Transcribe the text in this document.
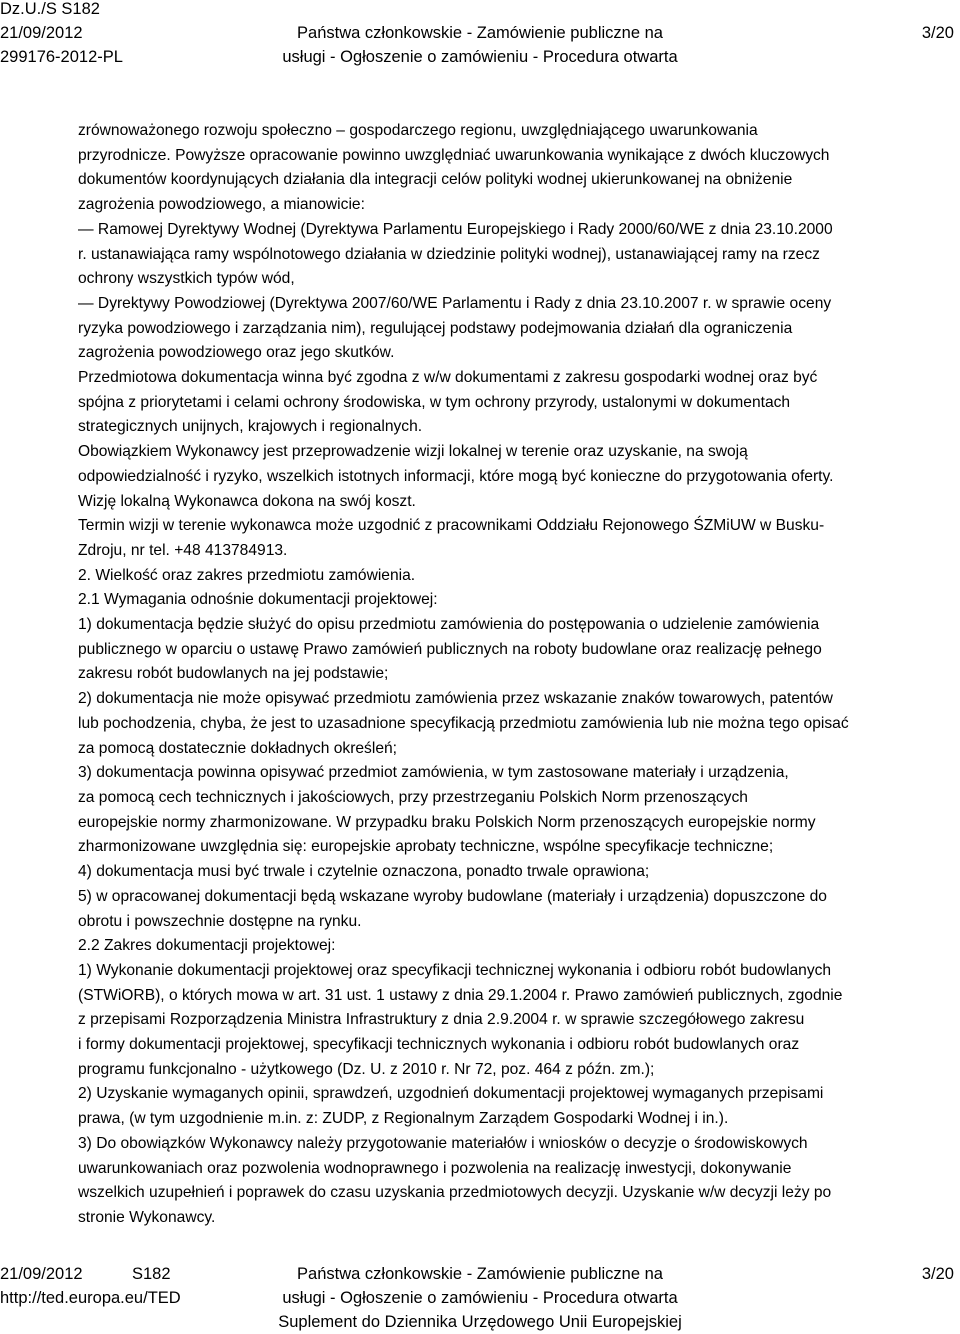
Dz.U./S S182
21/09/2012
299176-2012-PL
Państwa członkowskie - Zamówienie publiczne na
usługi - Ogłoszenie o zamówieniu - Procedura otwarta
3/20
zrównoważonego rozwoju społeczno – gospodarczego regionu, uwzględniającego uwarunkowania
przyrodnicze. Powyższe opracowanie powinno uwzględniać uwarunkowania wynikające z dwóch kluczowych
dokumentów koordynujących działania dla integracji celów polityki wodnej ukierunkowanej na obniżenie
zagrożenia powodziowego, a mianowicie:
— Ramowej Dyrektywy Wodnej (Dyrektywa Parlamentu Europejskiego i Rady 2000/60/WE z dnia 23.10.2000
r. ustanawiająca ramy wspólnotowego działania w dziedzinie polityki wodnej), ustanawiającej ramy na rzecz
ochrony wszystkich typów wód,
— Dyrektywy Powodziowej (Dyrektywa 2007/60/WE Parlamentu i Rady z dnia 23.10.2007 r. w sprawie oceny
ryzyka powodziowego i zarządzania nim), regulującej podstawy podejmowania działań dla ograniczenia
zagrożenia powodziowego oraz jego skutków.
Przedmiotowa dokumentacja winna być zgodna z w/w dokumentami z zakresu gospodarki wodnej oraz być
spójna z priorytetami i celami ochrony środowiska, w tym ochrony przyrody, ustalonymi w dokumentach
strategicznych unijnych, krajowych i regionalnych.
Obowiązkiem Wykonawcy jest przeprowadzenie wizji lokalnej w terenie oraz uzyskanie, na swoją
odpowiedzialność i ryzyko, wszelkich istotnych informacji, które mogą być konieczne do przygotowania oferty.
Wizję lokalną Wykonawca dokona na swój koszt.
Termin wizji w terenie wykonawca może uzgodnić z pracownikami Oddziału Rejonowego ŚZMiUW w Busku-
Zdroju, nr tel. +48 413784913.
2. Wielkość oraz zakres przedmiotu zamówienia.
2.1 Wymagania odnośnie dokumentacji projektowej:
1) dokumentacja będzie służyć do opisu przedmiotu zamówienia do postępowania o udzielenie zamówienia
publicznego w oparciu o ustawę Prawo zamówień publicznych na roboty budowlane oraz realizację pełnego
zakresu robót budowlanych na jej podstawie;
2) dokumentacja nie może opisywać przedmiotu zamówienia przez wskazanie znaków towarowych, patentów
lub pochodzenia, chyba, że jest to uzasadnione specyfikacją przedmiotu zamówienia lub nie można tego opisać
za pomocą dostatecznie dokładnych określeń;
3) dokumentacja powinna opisywać przedmiot zamówienia, w tym zastosowane materiały i urządzenia,
za pomocą cech technicznych i jakościowych, przy przestrzeganiu Polskich Norm przenoszących
europejskie normy zharmonizowane. W przypadku braku Polskich Norm przenoszących europejskie normy
zharmonizowane uwzględnia się: europejskie aprobaty techniczne, wspólne specyfikacje techniczne;
4) dokumentacja musi być trwale i czytelnie oznaczona, ponadto trwale oprawiona;
5) w opracowanej dokumentacji będą wskazane wyroby budowlane (materiały i urządzenia) dopuszczone do
obrotu i powszechnie dostępne na rynku.
2.2 Zakres dokumentacji projektowej:
1) Wykonanie dokumentacji projektowej oraz specyfikacji technicznej wykonania i odbioru robót budowlanych
(STWiORB), o których mowa w art. 31 ust. 1 ustawy z dnia 29.1.2004 r. Prawo zamówień publicznych, zgodnie
z przepisami Rozporządzenia Ministra Infrastruktury z dnia 2.9.2004 r. w sprawie szczegółowego zakresu
i formy dokumentacji projektowej, specyfikacji technicznych wykonania i odbioru robót budowlanych oraz
programu funkcjonalno - użytkowego (Dz. U. z 2010 r. Nr 72, poz. 464 z późn. zm.);
2) Uzyskanie wymaganych opinii, sprawdzeń, uzgodnień dokumentacji projektowej wymaganych przepisami
prawa, (w tym uzgodnienie m.in. z: ZUDP, z Regionalnym Zarządem Gospodarki Wodnej i in.).
3) Do obowiązków Wykonawcy należy przygotowanie materiałów i wniosków o decyzje o środowiskowych
uwarunkowaniach oraz pozwolenia wodnoprawnego i pozwolenia na realizację inwestycji, dokonywanie
wszelkich uzupełnień i poprawek do czasu uzyskania przedmiotowych decyzji. Uzyskanie w/w decyzji leży po
stronie Wykonawcy.
21/09/2012	S182
http://ted.europa.eu/TED
Państwa członkowskie - Zamówienie publiczne na
usługi - Ogłoszenie o zamówieniu - Procedura otwarta
Suplement do Dziennika Urzędowego Unii Europejskiej
3/20
